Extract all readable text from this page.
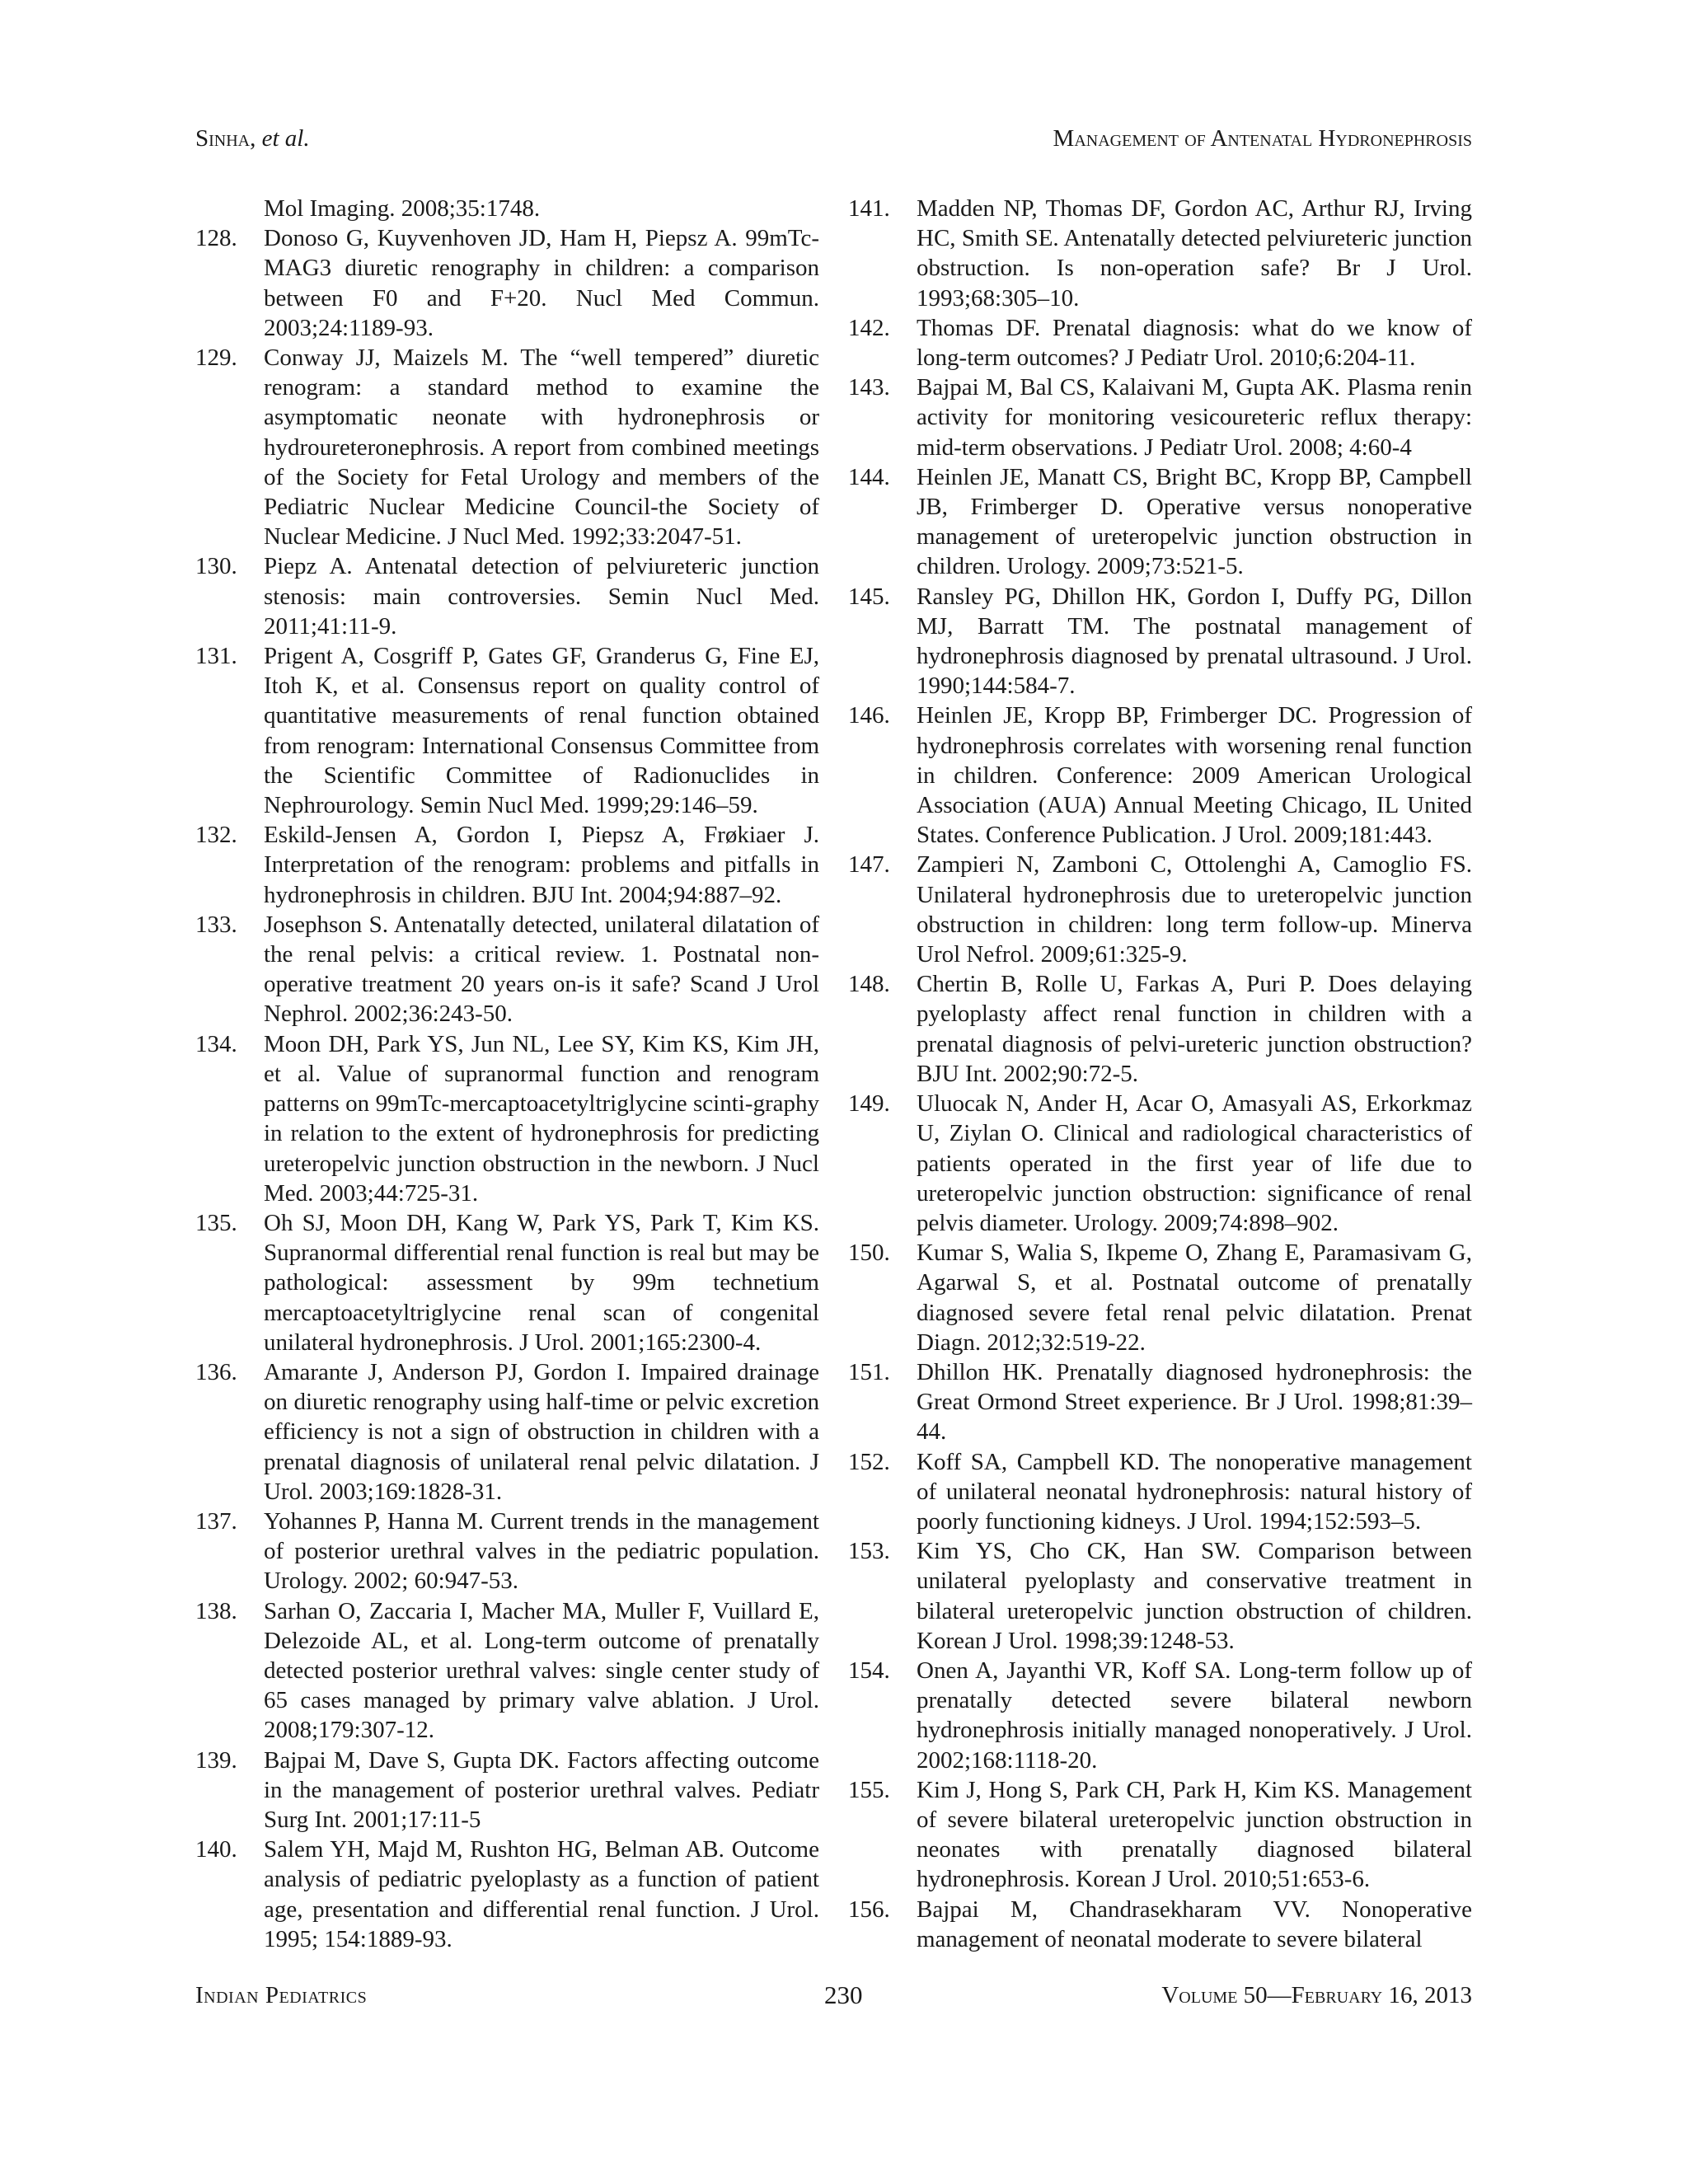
Sinha, et al.	Management of Antenatal Hydronephrosis
Mol Imaging. 2008;35:1748.
128.	Donoso G, Kuyvenhoven JD, Ham H, Piepsz A. 99mTc-MAG3 diuretic renography in children: a comparison between F0 and F+20. Nucl Med Commun. 2003;24:1189-93.
129.	Conway JJ, Maizels M. The “well tempered” diuretic renogram: a standard method to examine the asymptomatic neonate with hydronephrosis or hydroureteronephrosis. A report from combined meetings of the Society for Fetal Urology and members of the Pediatric Nuclear Medicine Council-the Society of Nuclear Medicine. J Nucl Med. 1992;33:2047-51.
130.	Piepz A. Antenatal detection of pelviureteric junction stenosis: main controversies. Semin Nucl Med. 2011;41:11-9.
131.	Prigent A, Cosgriff P, Gates GF, Granderus G, Fine EJ, Itoh K, et al. Consensus report on quality control of quantitative measurements of renal function obtained from renogram: International Consensus Committee from the Scientific Committee of Radionuclides in Nephrourology. Semin Nucl Med. 1999;29:146–59.
132.	Eskild-Jensen A, Gordon I, Piepsz A, Frøkiaer J. Interpretation of the renogram: problems and pitfalls in hydronephrosis in children. BJU Int. 2004;94:887–92.
133.	Josephson S. Antenatally detected, unilateral dilatation of the renal pelvis: a critical review. 1. Postnatal non-operative treatment 20 years on-is it safe? Scand J Urol Nephrol. 2002;36:243-50.
134.	Moon DH, Park YS, Jun NL, Lee SY, Kim KS, Kim JH, et al. Value of supranormal function and renogram patterns on 99mTc-mercaptoacetyltriglycine scinti-graphy in relation to the extent of hydronephrosis for predicting ureteropelvic junction obstruction in the newborn. J Nucl Med. 2003;44:725-31.
135.	Oh SJ, Moon DH, Kang W, Park YS, Park T, Kim KS. Supranormal differential renal function is real but may be pathological: assessment by 99m technetium mercaptoacetyltriglycine renal scan of congenital unilateral hydronephrosis. J Urol. 2001;165:2300-4.
136.	Amarante J, Anderson PJ, Gordon I. Impaired drainage on diuretic renography using half-time or pelvic excretion efficiency is not a sign of obstruction in children with a prenatal diagnosis of unilateral renal pelvic dilatation. J Urol. 2003;169:1828-31.
137.	Yohannes P, Hanna M. Current trends in the management of posterior urethral valves in the pediatric population. Urology. 2002; 60:947-53.
138.	Sarhan O, Zaccaria I, Macher MA, Muller F, Vuillard E, Delezoide AL, et al. Long-term outcome of prenatally detected posterior urethral valves: single center study of 65 cases managed by primary valve ablation. J Urol. 2008;179:307-12.
139.	Bajpai M, Dave S, Gupta DK. Factors affecting outcome in the management of posterior urethral valves. Pediatr Surg Int. 2001;17:11-5
140.	Salem YH, Majd M, Rushton HG, Belman AB. Outcome analysis of pediatric pyeloplasty as a function of patient age, presentation and differential renal function. J Urol. 1995; 154:1889-93.
141.	Madden NP, Thomas DF, Gordon AC, Arthur RJ, Irving HC, Smith SE. Antenatally detected pelviureteric junction obstruction. Is non-operation safe? Br J Urol. 1993;68:305–10.
142.	Thomas DF. Prenatal diagnosis: what do we know of long-term outcomes? J Pediatr Urol. 2010;6:204-11.
143.	Bajpai M, Bal CS, Kalaivani M, Gupta AK. Plasma renin activity for monitoring vesicoureteric reflux therapy: mid-term observations. J Pediatr Urol. 2008; 4:60-4
144.	Heinlen JE, Manatt CS, Bright BC, Kropp BP, Campbell JB, Frimberger D. Operative versus nonoperative management of ureteropelvic junction obstruction in children. Urology. 2009;73:521-5.
145.	Ransley PG, Dhillon HK, Gordon I, Duffy PG, Dillon MJ, Barratt TM. The postnatal management of hydronephrosis diagnosed by prenatal ultrasound. J Urol. 1990;144:584-7.
146.	Heinlen JE, Kropp BP, Frimberger DC. Progression of hydronephrosis correlates with worsening renal function in children. Conference: 2009 American Urological Association (AUA) Annual Meeting Chicago, IL United States. Conference Publication. J Urol. 2009;181:443.
147.	Zampieri N, Zamboni C, Ottolenghi A, Camoglio FS. Unilateral hydronephrosis due to ureteropelvic junction obstruction in children: long term follow-up. Minerva Urol Nefrol. 2009;61:325-9.
148.	Chertin B, Rolle U, Farkas A, Puri P. Does delaying pyeloplasty affect renal function in children with a prenatal diagnosis of pelvi-ureteric junction obstruction? BJU Int. 2002;90:72-5.
149.	Uluocak N, Ander H, Acar O, Amasyali AS, Erkorkmaz U, Ziylan O. Clinical and radiological characteristics of patients operated in the first year of life due to ureteropelvic junction obstruction: significance of renal pelvis diameter. Urology. 2009;74:898–902.
150.	Kumar S, Walia S, Ikpeme O, Zhang E, Paramasivam G, Agarwal S, et al. Postnatal outcome of prenatally diagnosed severe fetal renal pelvic dilatation. Prenat Diagn. 2012;32:519-22.
151.	Dhillon HK. Prenatally diagnosed hydronephrosis: the Great Ormond Street experience. Br J Urol. 1998;81:39–44.
152.	Koff SA, Campbell KD. The nonoperative management of unilateral neonatal hydronephrosis: natural history of poorly functioning kidneys. J Urol. 1994;152:593–5.
153.	Kim YS, Cho CK, Han SW. Comparison between unilateral pyeloplasty and conservative treatment in bilateral ureteropelvic junction obstruction of children. Korean J Urol. 1998;39:1248-53.
154.	Onen A, Jayanthi VR, Koff SA. Long-term follow up of prenatally detected severe bilateral newborn hydronephrosis initially managed nonoperatively. J Urol. 2002;168:1118-20.
155.	Kim J, Hong S, Park CH, Park H, Kim KS. Management of severe bilateral ureteropelvic junction obstruction in neonates with prenatally diagnosed bilateral hydronephrosis. Korean J Urol. 2010;51:653-6.
156.	Bajpai M, Chandrasekharam VV. Nonoperative management of neonatal moderate to severe bilateral
Indian Pediatrics	230	Volume 50—February 16, 2013
